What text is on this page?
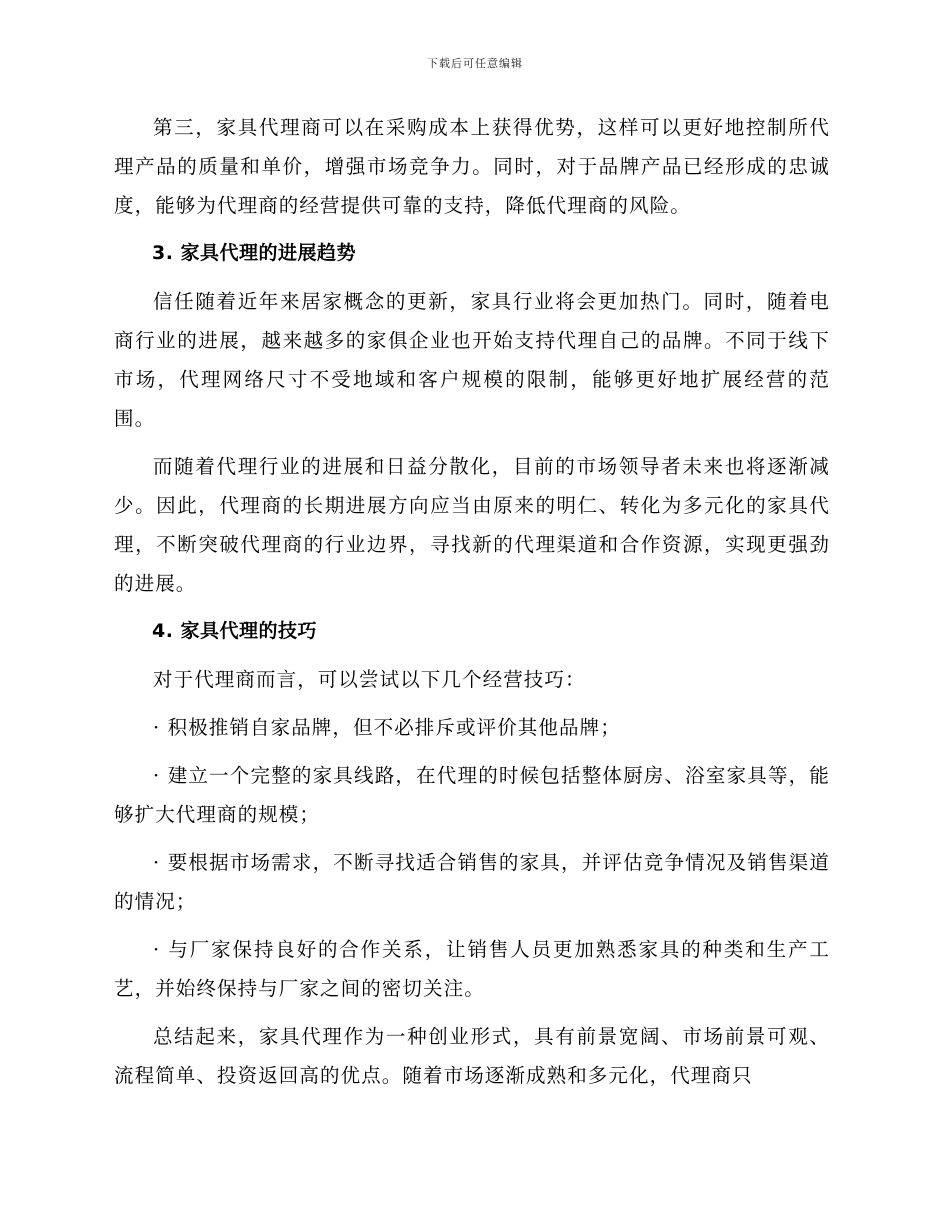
下载后可任意编辑

第三，家具代理商可以在采购成本上获得优势，这样可以更好地控制所代理产品的质量和单价，增强市场竞争力。同时，对于品牌产品已经形成的忠诚度，能够为代理商的经营提供可靠的支持，降低代理商的风险。

3. 家具代理的进展趋势

信任随着近年来居家概念的更新，家具行业将会更加热门。同时，随着电商行业的进展，越来越多的家俱企业也开始支持代理自己的品牌。不同于线下市场，代理网络尺寸不受地域和客户规模的限制，能够更好地扩展经营的范围。

而随着代理行业的进展和日益分散化，目前的市场领导者未来也将逐渐减少。因此，代理商的长期进展方向应当由原来的明仁、转化为多元化的家具代理，不断突破代理商的行业边界，寻找新的代理渠道和合作资源，实现更强劲的进展。

4. 家具代理的技巧

对于代理商而言，可以尝试以下几个经营技巧：

· 积极推销自家品牌，但不必排斥或评价其他品牌；

· 建立一个完整的家具线路，在代理的时候包括整体厨房、浴室家具等，能够扩大代理商的规模；

· 要根据市场需求，不断寻找适合销售的家具，并评估竞争情况及销售渠道的情况；

· 与厂家保持良好的合作关系，让销售人员更加熟悉家具的种类和生产工艺，并始终保持与厂家之间的密切关注。

总结起来，家具代理作为一种创业形式，具有前景宽阔、市场前景可观、流程简单、投资返回高的优点。随着市场逐渐成熟和多元化，代理商只
